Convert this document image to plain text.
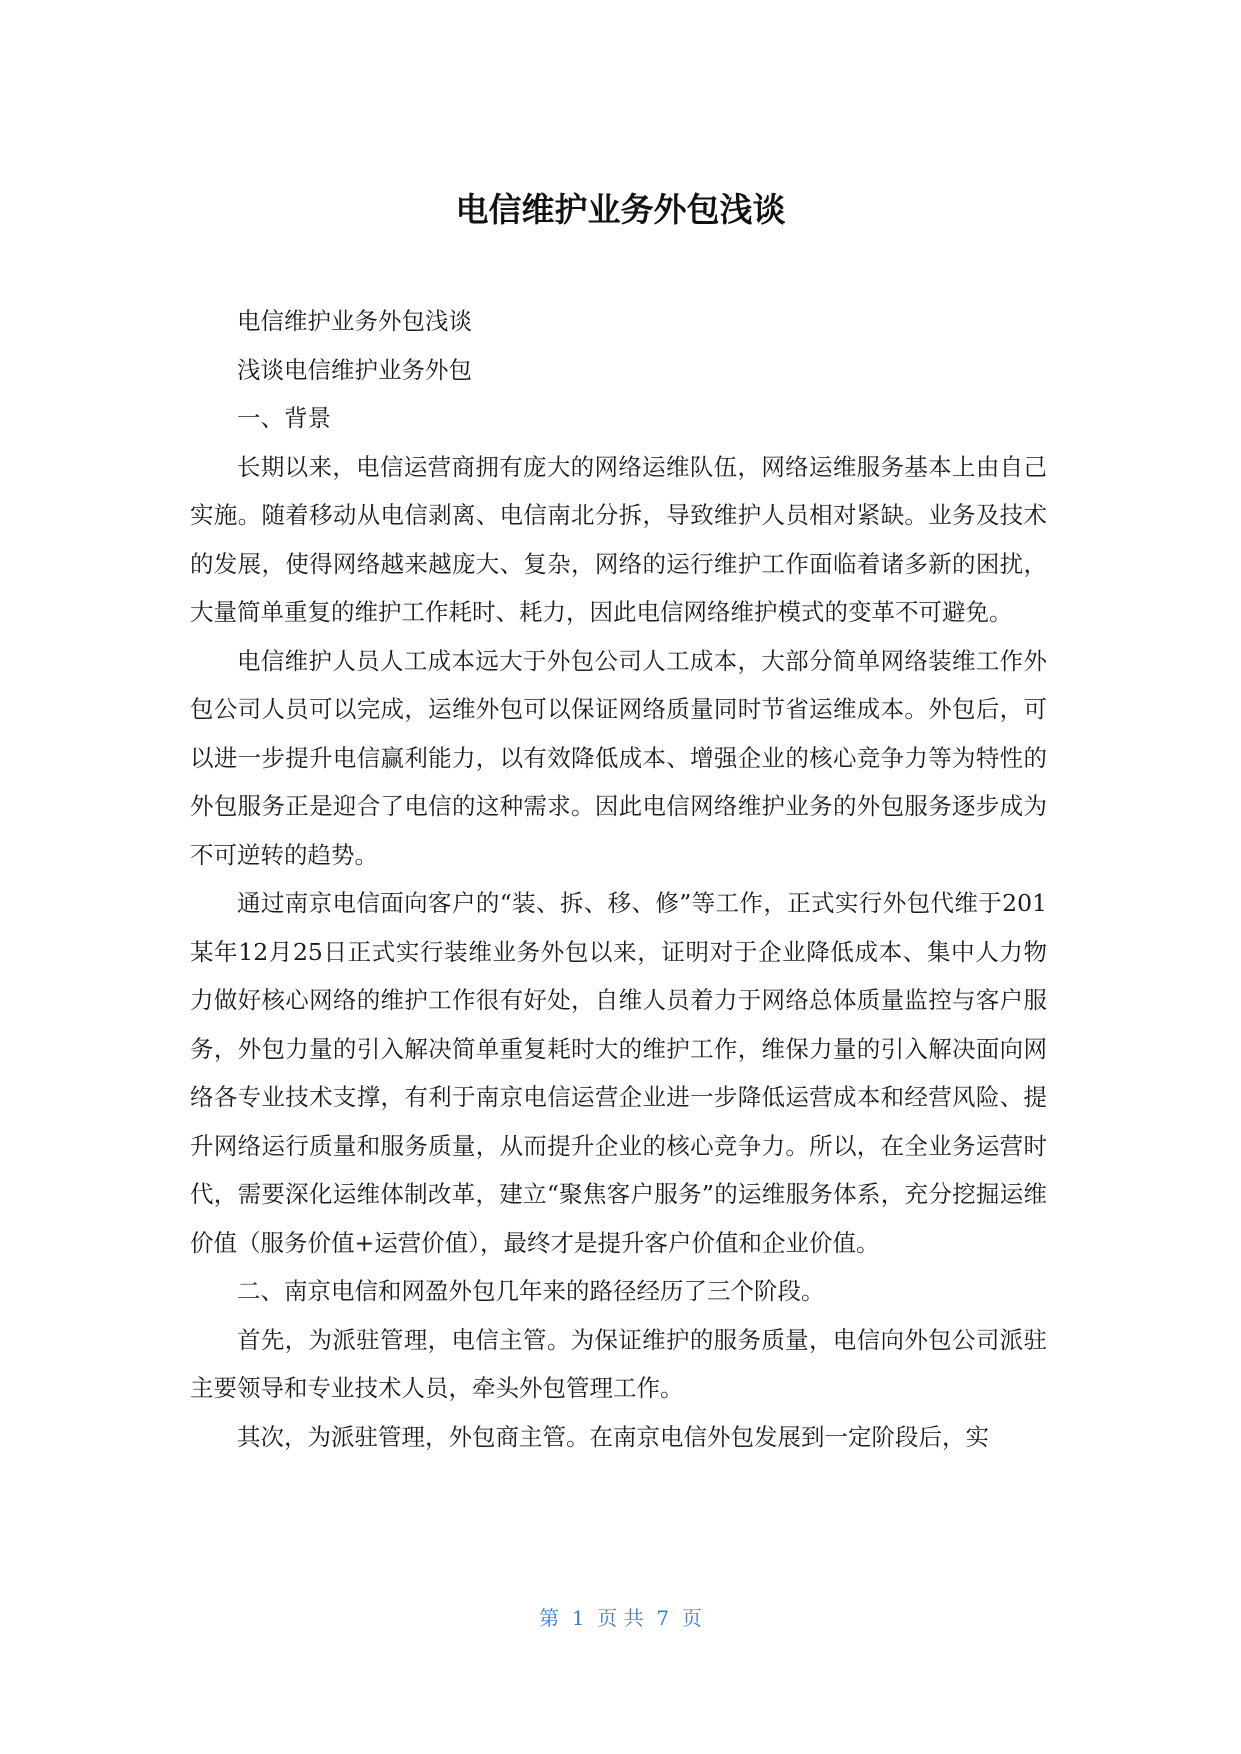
电信维护业务外包浅谈

电信维护业务外包浅谈

浅谈电信维护业务外包

一、背景

长期以来，电信运营商拥有庞大的网络运维队伍，网络运维服务基本上由自己实施。随着移动从电信剥离、电信南北分拆，导致维护人员相对紧缺。业务及技术的发展，使得网络越来越庞大、复杂，网络的运行维护工作面临着诸多新的困扰，大量简单重复的维护工作耗时、耗力，因此电信网络维护模式的变革不可避免。

电信维护人员人工成本远大于外包公司人工成本，大部分简单网络装维工作外包公司人员可以完成，运维外包可以保证网络质量同时节省运维成本。外包后，可以进一步提升电信赢利能力，以有效降低成本、增强企业的核心竞争力等为特性的外包服务正是迎合了电信的这种需求。因此电信网络维护业务的外包服务逐步成为不可逆转的趋势。

通过南京电信面向客户的“装、拆、移、修”等工作，正式实行外包代维于201某年12月25日正式实行装维业务外包以来，证明对于企业降低成本、集中人力物力做好核心网络的维护工作很有好处，自维人员着力于网络总体质量监控与客户服务，外包力量的引入解决简单重复耗时大的维护工作，维保力量的引入解决面向网络各专业技术支撑，有利于南京电信运营企业进一步降低运营成本和经营风险、提升网络运行质量和服务质量，从而提升企业的核心竞争力。所以，在全业务运营时代，需要深化运维体制改革，建立“聚焦客户服务”的运维服务体系，充分挖掘运维价值（服务价值+运营价值），最终才是提升客户价值和企业价值。

二、南京电信和网盈外包几年来的路径经历了三个阶段。

首先，为派驻管理，电信主管。为保证维护的服务质量，电信向外包公司派驻主要领导和专业技术人员，牵头外包管理工作。

其次，为派驻管理，外包商主管。在南京电信外包发展到一定阶段后，实

第  1  页 共  7  页
